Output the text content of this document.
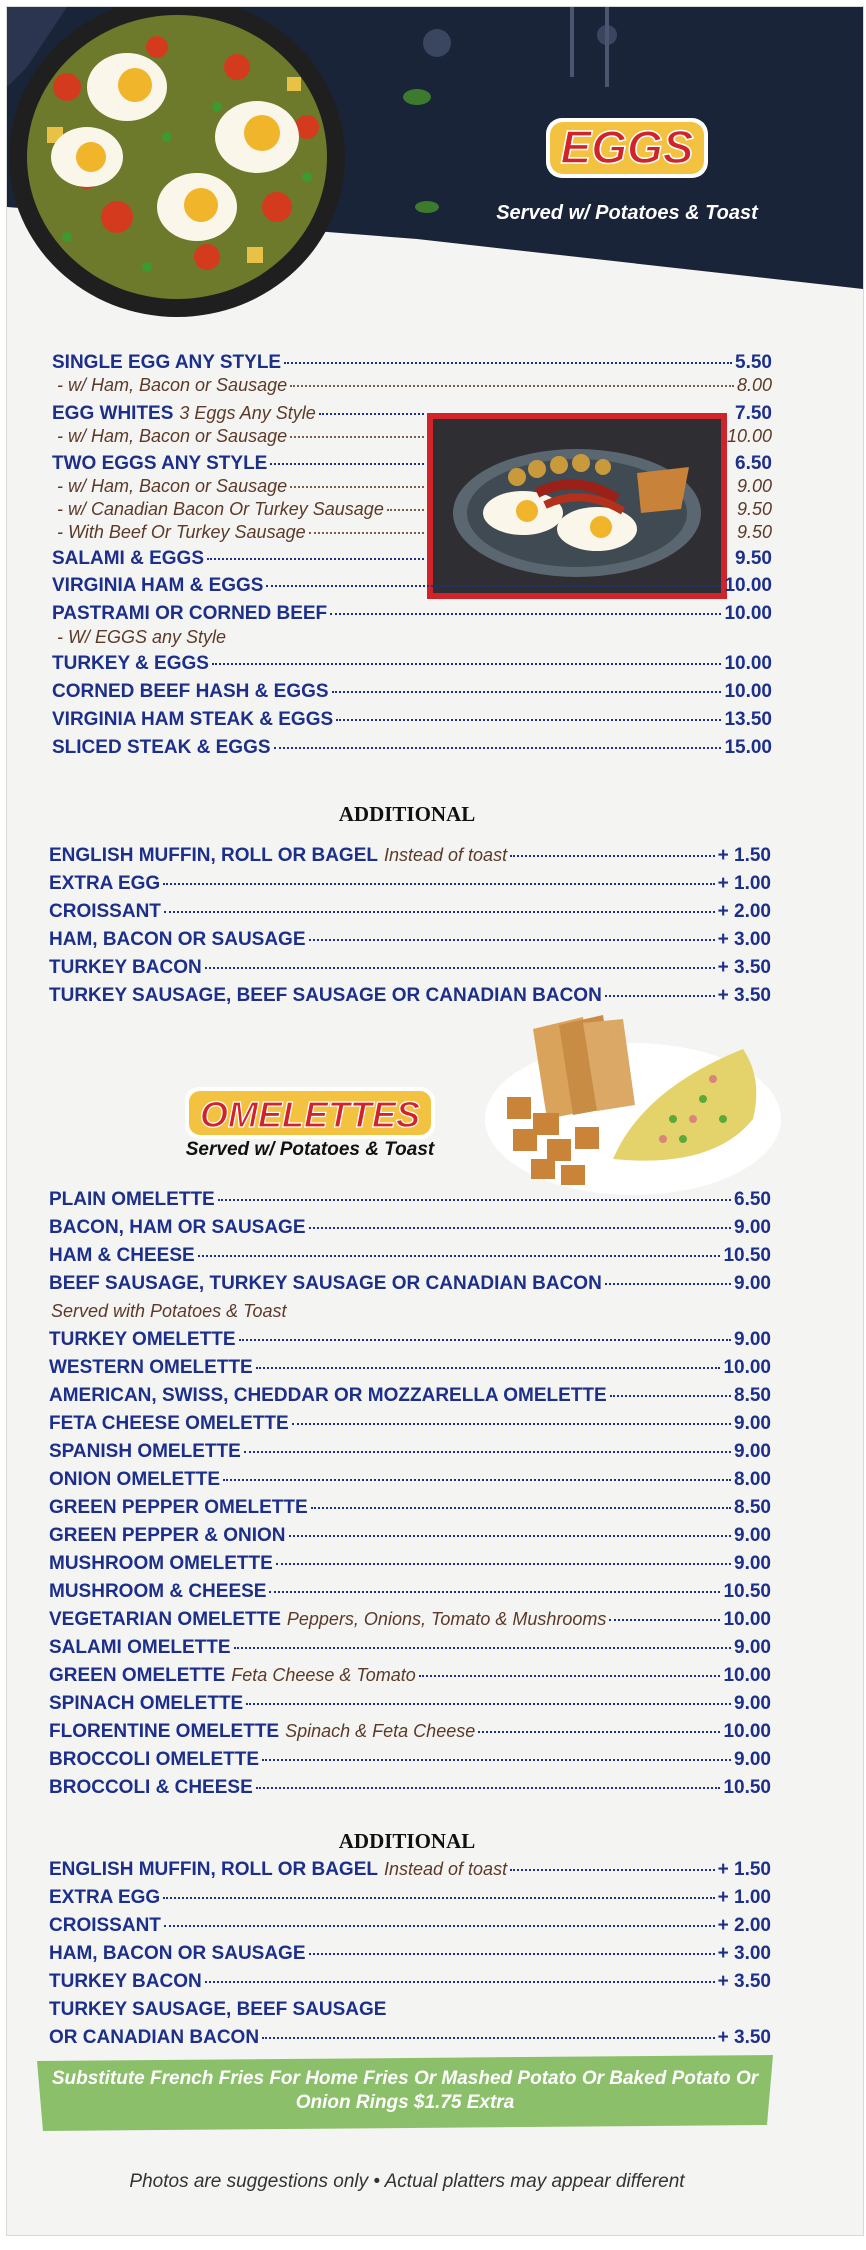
EGGS
Served w/ Potatoes & Toast
SINGLE EGG ANY STYLE	5.50
- w/ Ham, Bacon or Sausage	8.00
EGG WHITES 3 Eggs Any Style	7.50
- w/ Ham, Bacon or Sausage	10.00
TWO EGGS ANY STYLE	6.50
- w/ Ham, Bacon or Sausage	9.00
- w/ Canadian Bacon Or Turkey Sausage	9.50
- With Beef Or Turkey Sausage	9.50
SALAMI & EGGS	9.50
VIRGINIA HAM & EGGS	10.00
PASTRAMI OR CORNED BEEF	10.00
- W/ EGGS any Style
TURKEY & EGGS	10.00
CORNED BEEF HASH & EGGS	10.00
VIRGINIA HAM STEAK & EGGS	13.50
SLICED STEAK & EGGS	15.00
ADDITIONAL
ENGLISH MUFFIN, ROLL OR BAGEL Instead of toast	+ 1.50
EXTRA EGG	+ 1.00
CROISSANT	+ 2.00
HAM, BACON OR SAUSAGE	+ 3.00
TURKEY BACON	+ 3.50
TURKEY SAUSAGE, BEEF SAUSAGE OR CANADIAN BACON	+ 3.50
OMELETTES
Served w/ Potatoes & Toast
PLAIN OMELETTE	6.50
BACON, HAM OR SAUSAGE	9.00
HAM & CHEESE	10.50
BEEF SAUSAGE, TURKEY SAUSAGE OR CANADIAN BACON	9.00
Served with Potatoes & Toast
TURKEY OMELETTE	9.00
WESTERN OMELETTE	10.00
AMERICAN, SWISS, CHEDDAR OR MOZZARELLA OMELETTE	8.50
FETA CHEESE OMELETTE	9.00
SPANISH OMELETTE	9.00
ONION OMELETTE	8.00
GREEN PEPPER OMELETTE	8.50
GREEN PEPPER & ONION	9.00
MUSHROOM OMELETTE	9.00
MUSHROOM & CHEESE	10.50
VEGETARIAN OMELETTE Peppers, Onions, Tomato & Mushrooms	10.00
SALAMI OMELETTE	9.00
GREEN OMELETTE Feta Cheese & Tomato	10.00
SPINACH OMELETTE	9.00
FLORENTINE OMELETTE Spinach & Feta Cheese	10.00
BROCCOLI OMELETTE	9.00
BROCCOLI & CHEESE	10.50
ADDITIONAL
ENGLISH MUFFIN, ROLL OR BAGEL Instead of toast	+ 1.50
EXTRA EGG	+ 1.00
CROISSANT	+ 2.00
HAM, BACON OR SAUSAGE	+ 3.00
TURKEY BACON	+ 3.50
TURKEY SAUSAGE, BEEF SAUSAGE
OR CANADIAN BACON	+ 3.50
Substitute French Fries For Home Fries Or Mashed Potato Or Baked Potato Or Onion Rings $1.75 Extra
Photos are suggestions only • Actual platters may appear different
